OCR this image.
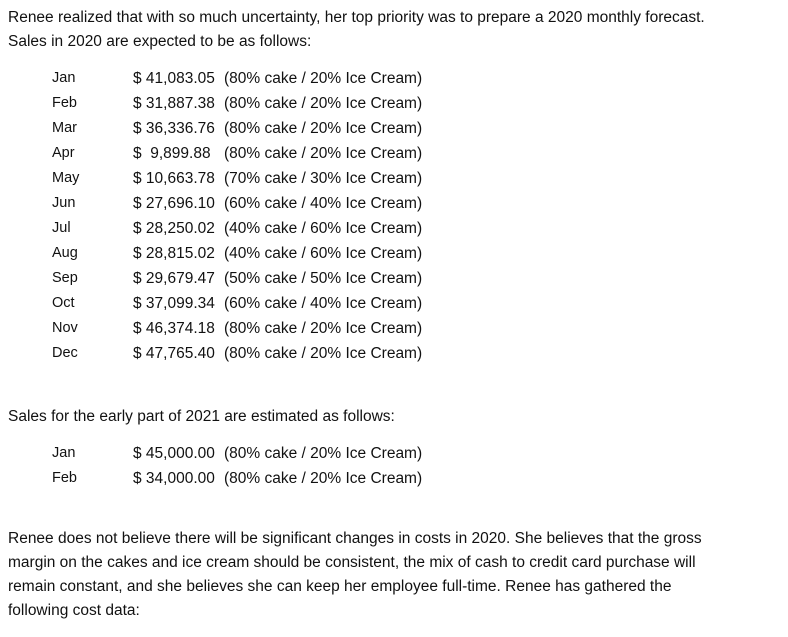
Renee realized that with so much uncertainty, her top priority was to prepare a 2020 monthly forecast.
Sales in 2020 are expected to be as follows:
Jan	$ 41,083.05 (80% cake / 20% Ice Cream)
Feb	$ 31,887.38 (80% cake / 20% Ice Cream)
Mar	$ 36,336.76 (80% cake / 20% Ice Cream)
Apr	$  9,899.88 (80% cake / 20% Ice Cream)
May	$ 10,663.78 (70% cake / 30% Ice Cream)
Jun	$ 27,696.10 (60% cake / 40% Ice Cream)
Jul	$ 28,250.02 (40% cake / 60% Ice Cream)
Aug	$ 28,815.02 (40% cake / 60% Ice Cream)
Sep	$ 29,679.47 (50% cake / 50% Ice Cream)
Oct	$ 37,099.34 (60% cake / 40% Ice Cream)
Nov	$ 46,374.18 (80% cake / 20% Ice Cream)
Dec	$ 47,765.40 (80% cake / 20% Ice Cream)
Sales for the early part of 2021 are estimated as follows:
Jan	$ 45,000.00 (80% cake / 20% Ice Cream)
Feb	$ 34,000.00 (80% cake / 20% Ice Cream)
Renee does not believe there will be significant changes in costs in 2020. She believes that the gross
margin on the cakes and ice cream should be consistent, the mix of cash to credit card purchase will
remain constant, and she believes she can keep her employee full-time. Renee has gathered the
following cost data:
